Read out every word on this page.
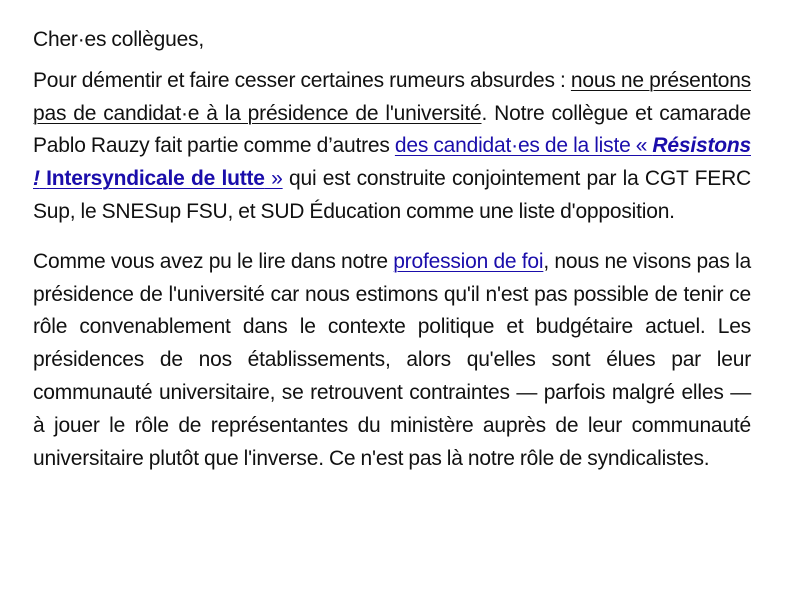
Cher·es collègues,

Pour démentir et faire cesser certaines rumeurs absurdes : nous ne présentons pas de candidat·e à la présidence de l'université. Notre collègue et camarade Pablo Rauzy fait partie comme d’autres des candidat·es de la liste « Résistons ! Intersyndicale de lutte » qui est construite conjointement par la CGT FERC Sup, le SNESup FSU, et SUD Éducation comme une liste d'opposition.

Comme vous avez pu le lire dans notre profession de foi, nous ne visons pas la présidence de l'université car nous estimons qu'il n'est pas possible de tenir ce rôle convenablement dans le contexte politique et budgétaire actuel. Les présidences de nos établissements, alors qu'elles sont élues par leur communauté universitaire, se retrouvent contraintes — parfois malgré elles — à jouer le rôle de représentantes du ministère auprès de leur communauté universitaire plutôt que l'inverse. Ce n'est pas là notre rôle de syndicalistes.
